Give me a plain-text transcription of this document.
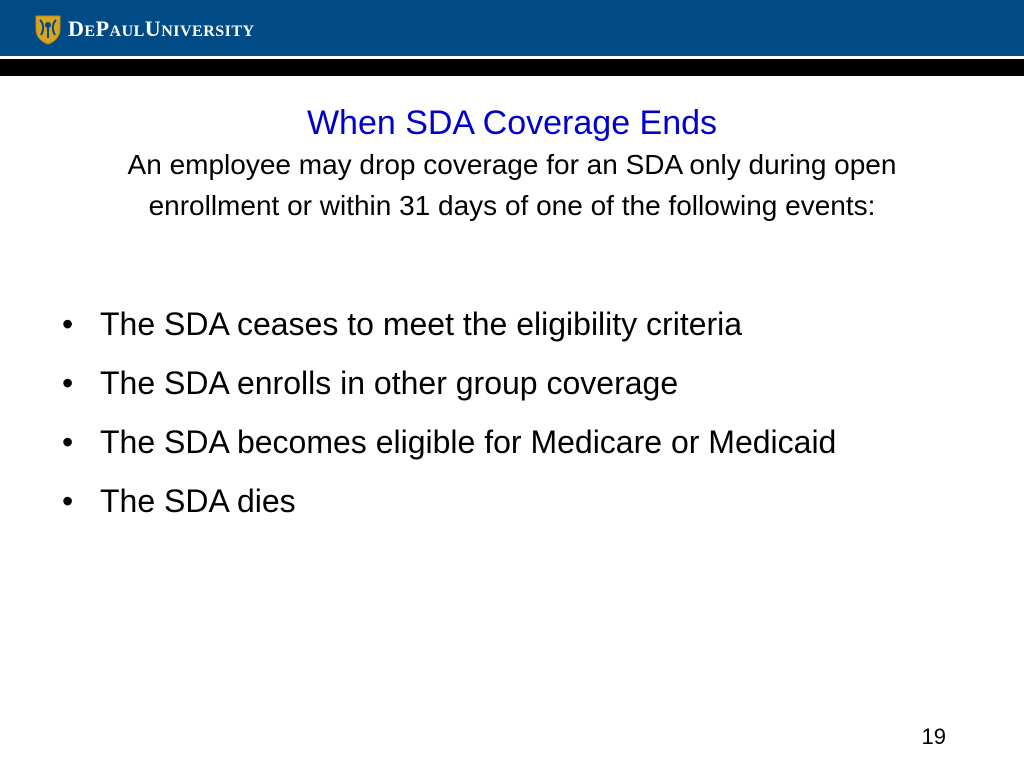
DEPAULUNIVERSITY
When SDA Coverage Ends

An employee may drop coverage for an SDA only during open enrollment or within 31 days of one of the following events:

• The SDA ceases to meet the eligibility criteria
• The SDA enrolls in other group coverage
• The SDA becomes eligible for Medicare or Medicaid
• The SDA dies
19
